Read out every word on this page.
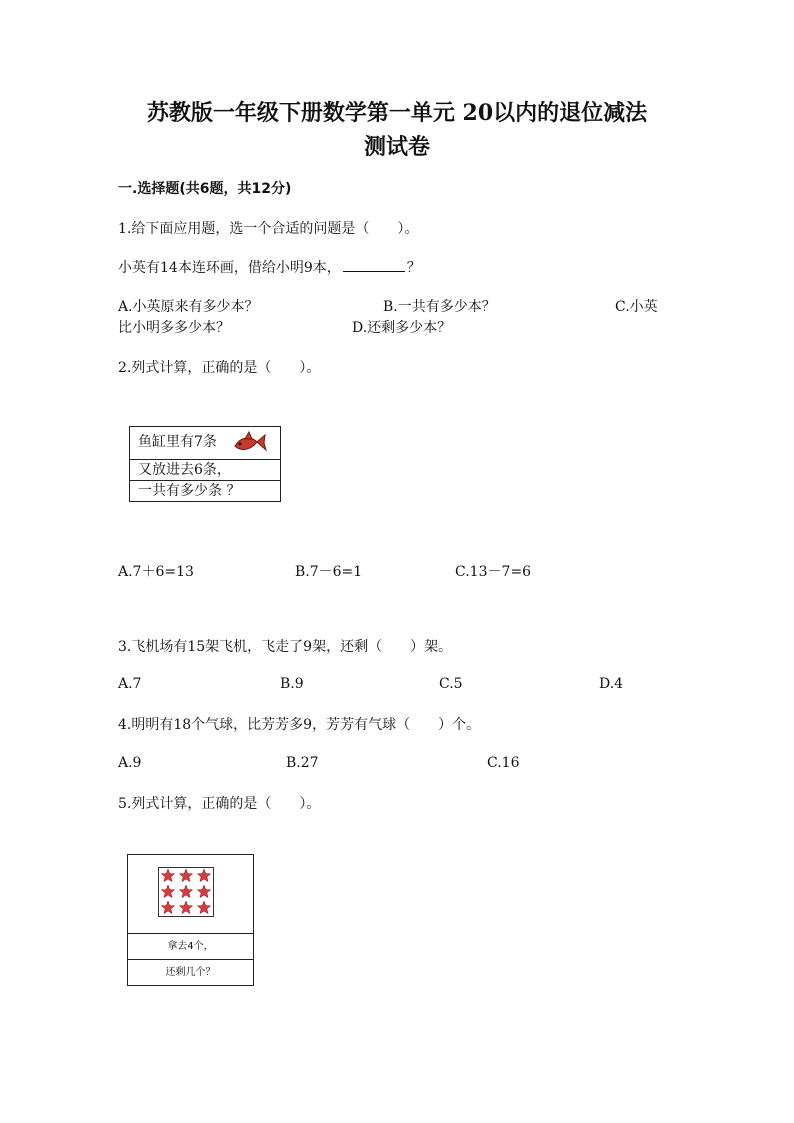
苏教版一年级下册数学第一单元 20以内的退位减法
测试卷
一.选择题(共6题，共12分)
1.给下面应用题，选一个合适的问题是（　　）。
小英有14本连环画，借给小明9本，	？
A.小英原来有多少本？	B.一共有多少本？	C.小英
比小明多多少本？	D.还剩多少本？
2.列式计算，正确的是（　　）。
鱼缸里有7条
又放进去6条，
一共有多少条 ？
A.7＋6=13	B.7－6=1	C.13－7=6
3.飞机场有15架飞机，飞走了9架，还剩（　　）架。
A.7	B.9	C.5	D.4
4.明明有18个气球，比芳芳多9，芳芳有气球（　　）个。
A.9	B.27	C.16
5.列式计算，正确的是（　　）。
拿去4个，
还剩几个？
